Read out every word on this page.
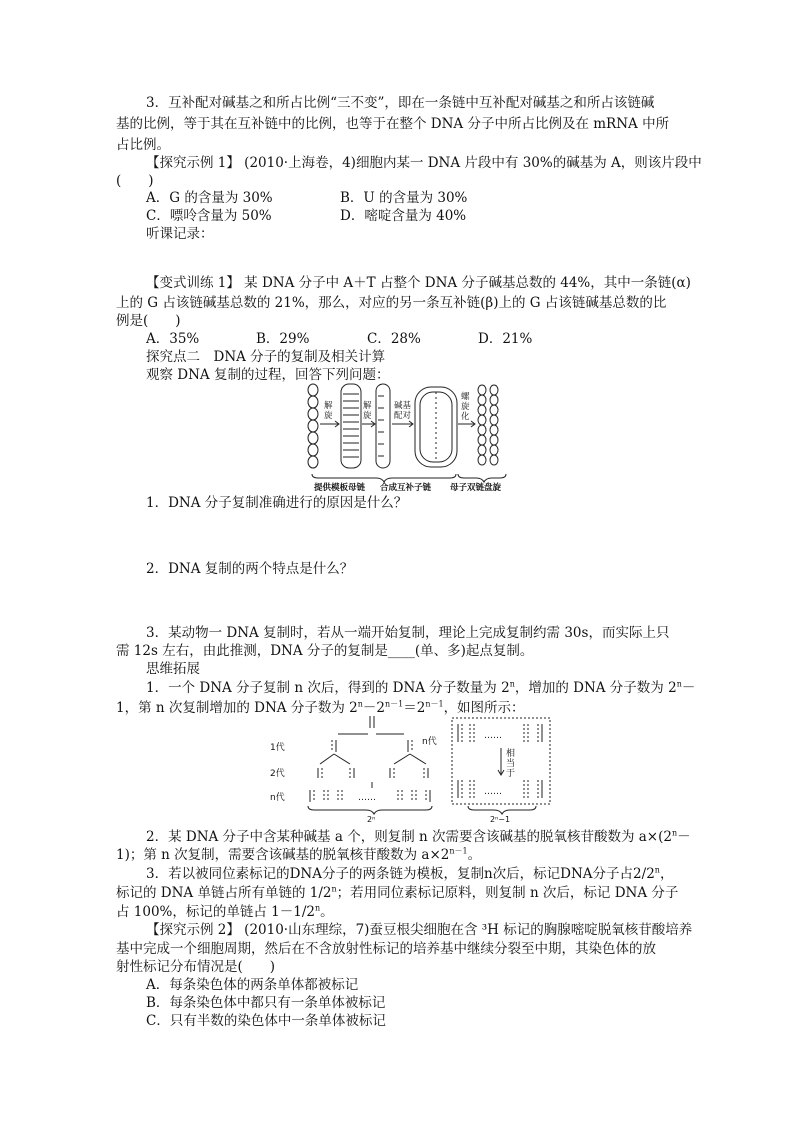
3．互补配对碱基之和所占比例“三不变”，即在一条链中互补配对碱基之和所占该链碱
基的比例，等于其在互补链中的比例，也等于在整个 DNA 分子中所占比例及在 mRNA 中所
占比例。
【探究示例 1】 (2010·上海卷，4)细胞内某一 DNA 片段中有 30%的碱基为 A，则该片段中
(　　)
A．G 的含量为 30%	B．U 的含量为 30%
C．嘌呤含量为 50%	D．嘧啶含量为 40%
听课记录：
【变式训练 1】 某 DNA 分子中 A＋T 占整个 DNA 分子碱基总数的 44%，其中一条链(α)
上的 G 占该链碱基总数的 21%，那么，对应的另一条互补链(β)上的 G 占该链碱基总数的比
例是(　　)
A．35%	B．29%	C．28%	D．21%
探究点二　DNA 分子的复制及相关计算
观察 DNA 复制的过程，回答下列问题：
解
旋
解
旋
碱基
配对
螺
旋
化
提供模板母链 合成互补子链 母子双链盘旋
1．DNA 分子复制准确进行的原因是什么？
2．DNA 复制的两个特点是什么？
3．某动物一 DNA 复制时，若从一端开始复制，理论上完成复制约需 30s，而实际上只
需 12s 左右，由此推测，DNA 分子的复制是____(单、多)起点复制。
思维拓展
1．一个 DNA 分子复制 n 次后，得到的 DNA 分子数量为 2$^n$，增加的 DNA 分子数为 $2^n-$
1，第 n 次复制增加的 DNA 分子数为 $2^n-2^{n-1}=2^{n-1}$，如图所示：
1代
2代
n代
n代
……
……
……
相
当
于
2ⁿ	2ⁿ−1
2．某 DNA 分子中含某种碱基 a 个，则复制 n 次需要含该碱基的脱氧核苷酸数为 $a\times(2^n-$
1)；第 n 次复制，需要含该碱基的脱氧核苷酸数为 $a\times 2^{n-1}$。
3．若以被同位素标记的DNA分子的两条链为模板，复制n次后，标记DNA分子占2/2$^n$，
标记的 DNA 单链占所有单链的 1/2$^n$；若用同位素标记原料，则复制 n 次后，标记 DNA 分子
占 100%，标记的单链占 $1-1/2^n$。
【探究示例 2】 (2010·山东理综，7)蚕豆根尖细胞在含 ³H 标记的胸腺嘧啶脱氧核苷酸培养
基中完成一个细胞周期，然后在不含放射性标记的培养基中继续分裂至中期，其染色体的放
射性标记分布情况是(　　)
A．每条染色体的两条单体都被标记
B．每条染色体中都只有一条单体被标记
C．只有半数的染色体中一条单体被标记
